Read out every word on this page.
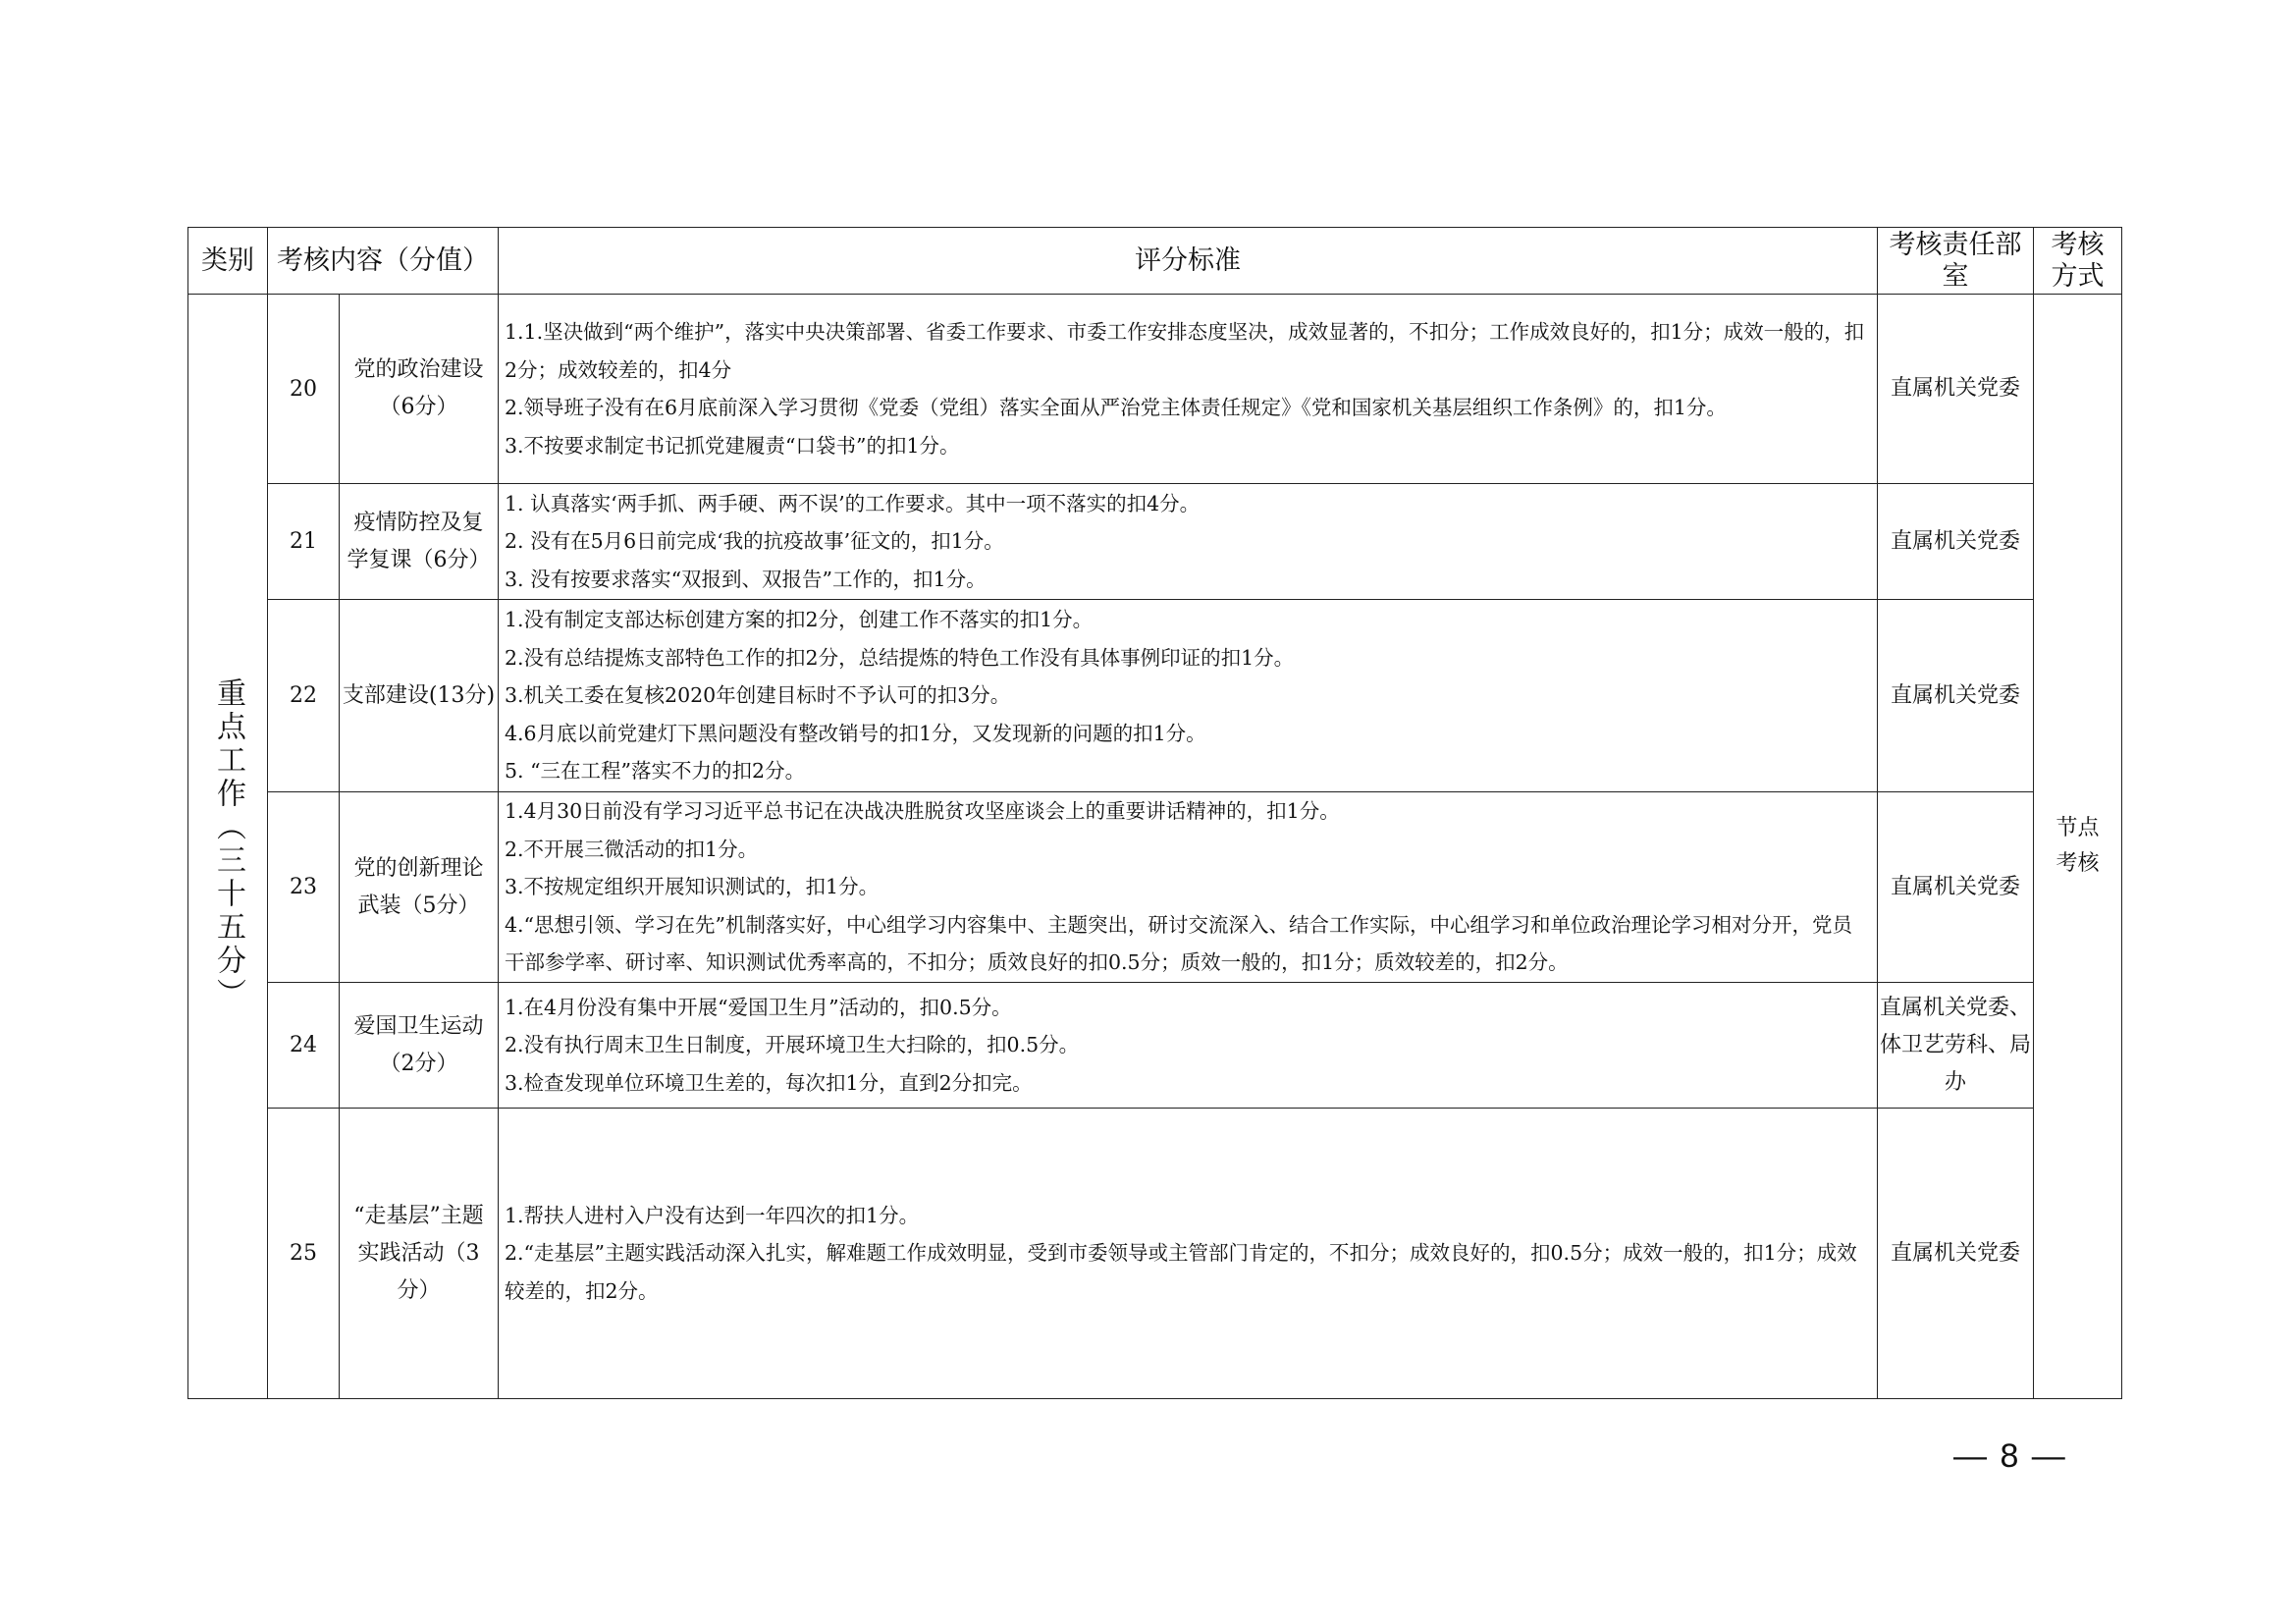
类别	考核内容（分值）		评分标准	考核责任部室	考核方式
重点工作（三十五分）	20	党的政治建设（6分）	1.1.坚决做到“两个维护”，落实中央决策部署、省委工作要求、市委工作安排态度坚决，成效显著的，不扣分；工作成效良好的，扣1分；成效一般的，扣2分；成效较差的，扣4分
2.领导班子没有在6月底前深入学习贯彻《党委（党组）落实全面从严治党主体责任规定》《党和国家机关基层组织工作条例》的，扣1分。
3.不按要求制定书记抓党建履责“口袋书”的扣1分。	直属机关党委	节点考核

	21	疫情防控及复学复课（6分）	1. 认真落实‘两手抓、两手硬、两不误’的工作要求。其中一项不落实的扣4分。
2. 没有在5月6日前完成‘我的抗疫故事’征文的，扣1分。
3. 没有按要求落实“双报到、双报告”工作的，扣1分。	直属机关党委	
	22	支部建设(13分)	1.没有制定支部达标创建方案的扣2分，创建工作不落实的扣1分。
2.没有总结提炼支部特色工作的扣2分，总结提炼的特色工作没有具体事例印证的扣1分。
3.机关工委在复核2020年创建目标时不予认可的扣3分。
4.6月底以前党建灯下黑问题没有整改销号的扣1分，又发现新的问题的扣1分。
5. “三在工程”落实不力的扣2分。	直属机关党委	
	23	党的创新理论武装（5分）	1.4月30日前没有学习习近平总书记在决战决胜脱贫攻坚座谈会上的重要讲话精神的，扣1分。
2.不开展三微活动的扣1分。
3.不按规定组织开展知识测试的，扣1分。
4.“思想引领、学习在先”机制落实好，中心组学习内容集中、主题突出，研讨交流深入、结合工作实际，中心组学习和单位政治理论学习相对分开，党员干部参学率、研讨率、知识测试优秀率高的，不扣分；质效良好的扣0.5分；质效一般的，扣1分；质效较差的，扣2分。	直属机关党委	
	24	爱国卫生运动（2分）	1.在4月份没有集中开展“爱国卫生月”活动的，扣0.5分。
2.没有执行周末卫生日制度，开展环境卫生大扫除的，扣0.5分。
3.检查发现单位环境卫生差的，每次扣1分，直到2分扣完。	直属机关党委、体卫艺劳科、局办	
	25	“走基层”主题实践活动（3分）	1.帮扶人进村入户没有达到一年四次的扣1分。
2.“走基层”主题实践活动深入扎实，解难题工作成效明显，受到市委领导或主管部门肯定的，不扣分；成效良好的，扣0.5分；成效一般的，扣1分；成效较差的，扣2分。	直属机关党委	
— 8 —
